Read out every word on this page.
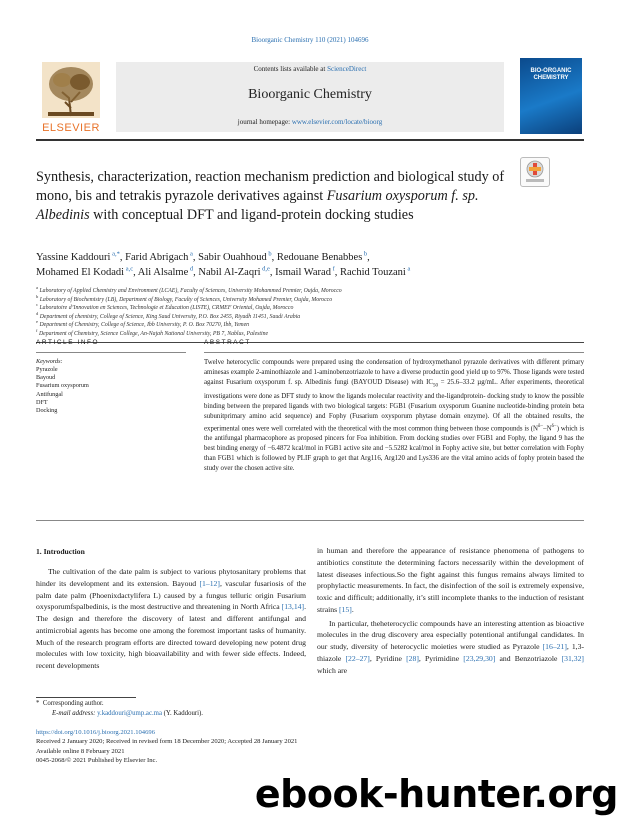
Bioorganic Chemistry 110 (2021) 104696
Contents lists available at ScienceDirect
Bioorganic Chemistry
journal homepage: www.elsevier.com/locate/bioorg
ELSEVIER
BIO-ORGANIC CHEMISTRY
Synthesis, characterization, reaction mechanism prediction and biological study of mono, bis and tetrakis pyrazole derivatives against Fusarium oxysporum f. sp. Albedinis with conceptual DFT and ligand-protein docking studies
Yassine Kaddouri $^{a,*}$, Farid Abrigach $^a$, Sabir Ouahhoud $^b$, Redouane Benabbes $^b$,
Mohamed El Kodadi $^{a,c}$, Ali Alsalme $^d$, Nabil Al-Zaqri $^{d,e}$, Ismail Warad $^f$, Rachid Touzani $^a$
$^a$ Laboratory of Applied Chemistry and Environment (LCAE), Faculty of Sciences, University Mohammed Premier, Oujda, Morocco
$^b$ Laboratory of Biochemistry (LB), Department of Biology, Faculty of Sciences, University Mohamed Premier, Oujda, Morocco
$^c$ Laboratoire d’Innovation en Sciences, Technologie et Education (LISTE), CRMEF Oriental, Oujda, Morocco
$^d$ Department of chemistry, College of Science, King Saud University, P.O. Box 2455, Riyadh 11451, Saudi Arabia
$^e$ Department of Chemistry, College of Science, Ibb University, P. O. Box 70270, Ibb, Yemen
$^f$ Department of Chemistry, Science College, An-Najah National University, PB 7, Nablus, Palestine
ARTICLE INFO	ABSTRACT
Keywords:
Pyrazole
Bayoud
Fusarium oxysporum
Antifungal
DFT
Docking
Twelve heterocyclic compounds were prepared using the condensation of hydroxymethanol pyrazole derivatives with different primary aminesas example 2-aminothiazole and 1-aminobenzotriazole to have a diverse productin good yield up to 97%. Those ligands were tested against Fusarium oxysporum f. sp. Albedinis fungi (BAYOUD Disease) with $IC_{50} = 25.6-33.2$ µg/mL. After experiments, theoretical investigations were done as DFT study to know the ligands molecular reactivity and the-ligandprotein- docking study to know the possible binding between the prepared ligands with two biological targets: FGB1 (Fusarium oxysporum Guanine nucleotide-binding protein beta subunitprimary amino acid sequence) and Fophy (Fusarium oxysporum phytase domain enzyme). Of all the obtained results, the experimental ones were well correlated with the theoretical with the most common thing between those compounds is $(N^{\delta-}-N^{\delta-})$ which is the antifungal pharmacophore as proposed pincers for Foa inhibition. From docking studies over FGB1 and Fophy, the ligand 9 has the best binding energy of −6.4872 kcal/mol in FGB1 active site and −5.5282 kcal/mol in Fophy active site, but better correlation with Fophy than FGB1 which is followed by PLIF graph to get that Arg116, Arg120 and Lys336 are the vital amino acids of fophy protein based the study over the chosen active site.
1. Introduction
The cultivation of the date palm is subject to various phytosanitary problems that hinder its development and its extension. Bayoud [1–12], vascular fusariosis of the palm date palm (Phoenixdactylifera L) caused by a fungus telluric origin Fusarium oxysporumfspalbedinis, is the most destructive and threatening in North Africa [13,14]. The design and therefore the discovery of latest and different antifungal and antimicrobial agents has become one among the foremost important tasks of humanity. Much of the research program efforts are directed toward developing new potent drug molecules with low toxicity, high bioavailability and with fewer side effects. Indeed, recent developments

in human and therefore the appearance of resistance phenomena of pathogens to antibiotics constitute the determining factors necessarily within the development of latest diseases infectious.So the fight against this fungus remains always limited to prophylactic measurements. In fact, the disinfection of the soil is extremely expensive, toxic and difficult; additionally, it’s still incomplete thanks to the induction of resistant strains [15].

In particular, theheterocyclic compounds have an interesting attention as bioactive molecules in the drug discovery area especially potentional antifungal candidates. In our study, diversity of heterocyclic moieties were studied as Pyrazole [16–21], 1,3-thiazole [22–27], Pyridine [28], Pyrimidine [23,29,30] and Benzotriazole [31,32] which are

* Corresponding author.
E-mail address: y.kaddouri@ump.ac.ma (Y. Kaddouri).
https://doi.org/10.1016/j.bioorg.2021.104696
Received 2 January 2020; Received in revised form 18 December 2020; Accepted 28 January 2021
Available online 8 February 2021
0045-2068/© 2021 Published by Elsevier Inc.
ebook-hunter.org
